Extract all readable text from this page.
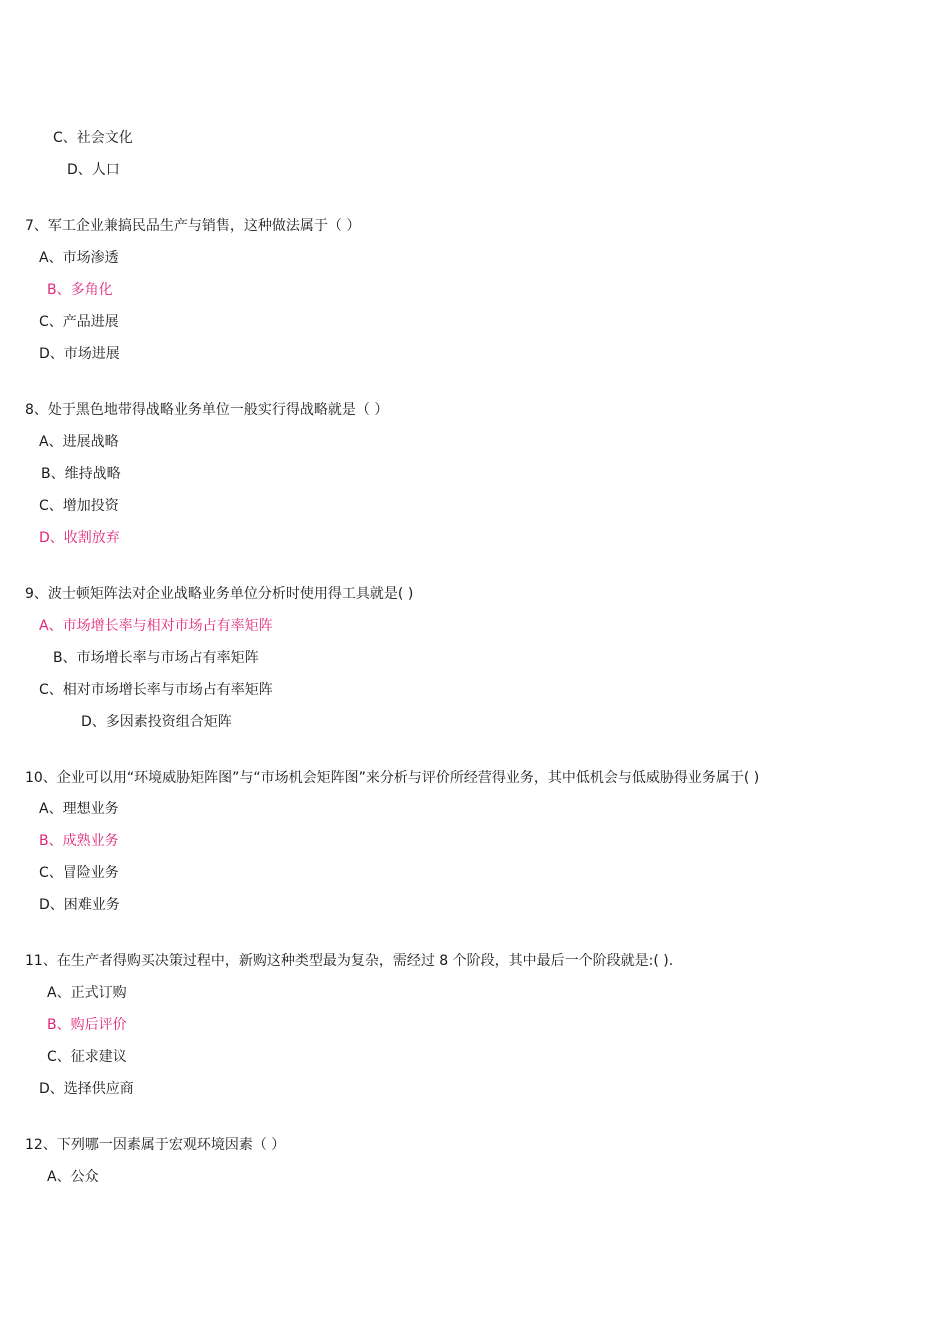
C、社会文化
D、人口
7、军工企业兼搞民品生产与销售，这种做法属于（ ）
A、市场渗透
B、多角化
C、产品进展
D、市场进展
8、处于黑色地带得战略业务单位一般实行得战略就是（ ）
A、进展战略
B、维持战略
C、增加投资
D、收割放弃
9、波士顿矩阵法对企业战略业务单位分析时使用得工具就是( )
A、市场增长率与相对市场占有率矩阵
B、市场增长率与市场占有率矩阵
C、相对市场增长率与市场占有率矩阵
D、多因素投资组合矩阵
10、企业可以用“环境威胁矩阵图”与“市场机会矩阵图”来分析与评价所经营得业务，其中低机会与低威胁得业务属于( )
A、理想业务
B、成熟业务
C、冒险业务
D、困难业务
11、在生产者得购买决策过程中，新购这种类型最为复杂，需经过 8 个阶段，其中最后一个阶段就是:( ).
A、正式订购
B、购后评价
C、征求建议
D、选择供应商
12、下列哪一因素属于宏观环境因素（ ）
A、公众
